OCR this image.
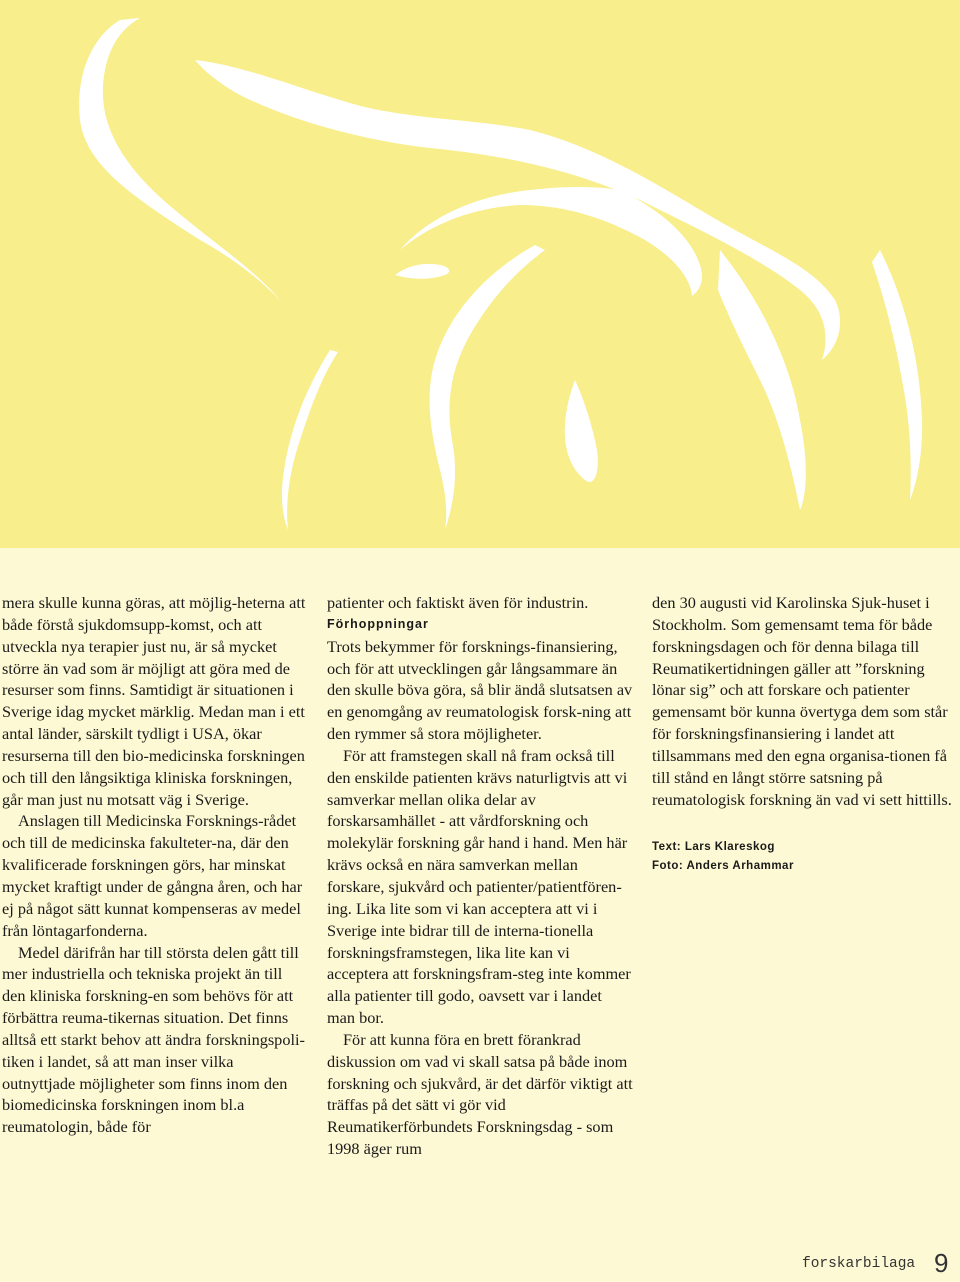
mera skulle kunna göras, att möjlig-heterna att både förstå sjukdomsupp-komst, och att utveckla nya terapier just nu, är så mycket större än vad som är möjligt att göra med de resurser som finns. Samtidigt är situationen i Sverige idag mycket märklig. Medan man i ett antal länder, särskilt tydligt i USA, ökar resurserna till den bio-medicinska forskningen och till den långsiktiga kliniska forskningen, går man just nu motsatt väg i Sverige.

Anslagen till Medicinska Forsknings-rådet och till de medicinska fakulteter-na, där den kvalificerade forskningen görs, har minskat mycket kraftigt under de gångna åren, och har ej på något sätt kunnat kompenseras av medel från löntagarfonderna.

Medel därifrån har till största delen gått till mer industriella och tekniska projekt än till den kliniska forskning-en som behövs för att förbättra reuma-tikernas situation. Det finns alltså ett starkt behov att ändra forskningspoli-tiken i landet, så att man inser vilka outnyttjade möjligheter som finns inom den biomedicinska forskningen inom bl.a reumatologin, både för

patienter och faktiskt även för industrin.

Förhoppningar

Trots bekymmer för forsknings-finansiering, och för att utvecklingen går långsammare än den skulle böva göra, så blir ändå slutsatsen av en genomgång av reumatologisk forsk-ning att den rymmer så stora möjligheter.

För att framstegen skall nå fram också till den enskilde patienten krävs naturligtvis att vi samverkar mellan olika delar av forskarsamhället - att vårdforskning och molekylär forskning går hand i hand. Men här krävs också en nära samverkan mellan forskare, sjukvård och patienter/patientfören-ing. Lika lite som vi kan acceptera att vi i Sverige inte bidrar till de interna-tionella forskningsframstegen, lika lite kan vi acceptera att forskningsfram-steg inte kommer alla patienter till godo, oavsett var i landet man bor.

För att kunna föra en brett förankrad diskussion om vad vi skall satsa på både inom forskning och sjukvård, är det därför viktigt att träffas på det sätt vi gör vid Reumatikerförbundets Forskningsdag - som 1998 äger rum

den 30 augusti vid Karolinska Sjuk-huset i Stockholm. Som gemensamt tema för både forskningsdagen och för denna bilaga till Reumatikertidningen gäller att ”forskning lönar sig” och att forskare och patienter gemensamt bör kunna övertyga dem som står för forskningsfinansiering i landet att tillsammans med den egna organisa-tionen få till stånd en långt större satsning på reumatologisk forskning än vad vi sett hittills.

Text: Lars Klareskog

Foto: Anders Arhammar

forskarbilaga 9
